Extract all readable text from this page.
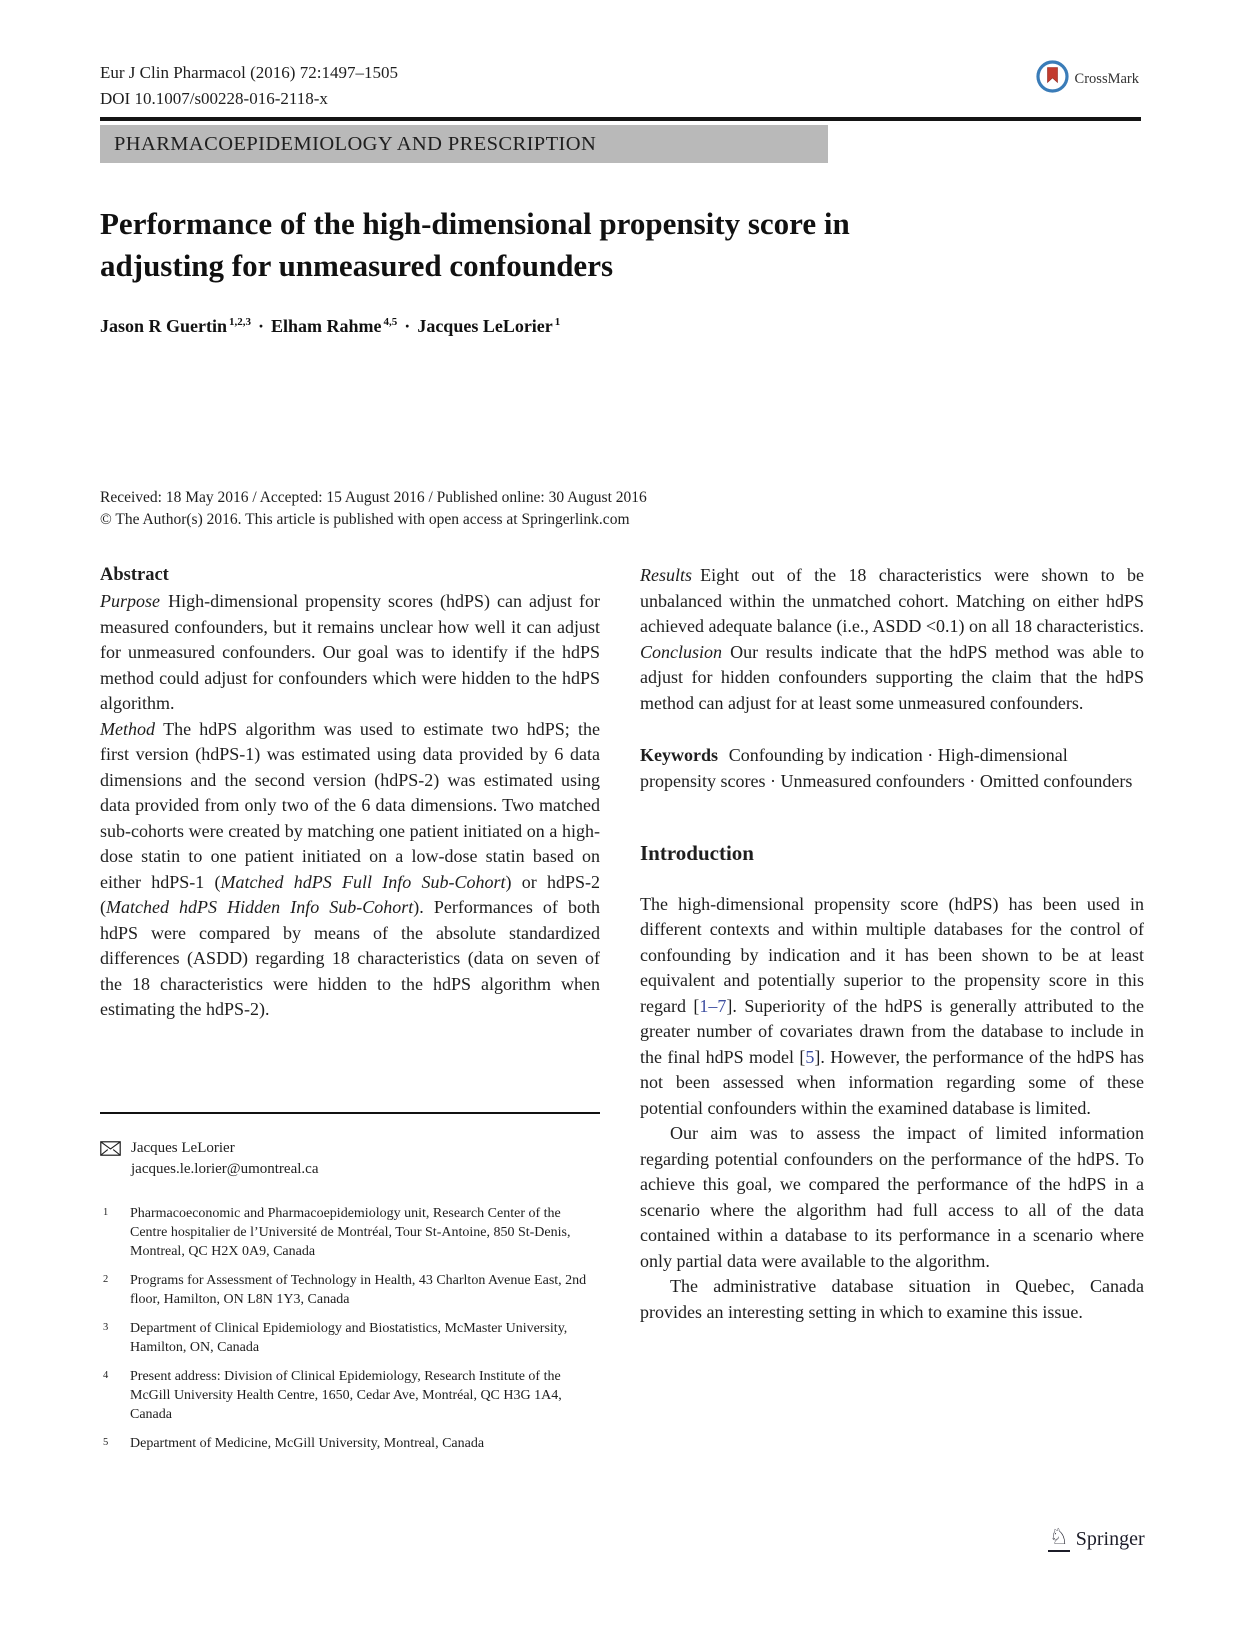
Eur J Clin Pharmacol (2016) 72:1497–1505
DOI 10.1007/s00228-016-2118-x
CrossMark
PHARMACOEPIDEMIOLOGY AND PRESCRIPTION
Performance of the high-dimensional propensity score in adjusting for unmeasured confounders
Jason R Guertin $^{1,2,3}$ · Elham Rahme $^{4,5}$ · Jacques LeLorier $^1$
Received: 18 May 2016 / Accepted: 15 August 2016 / Published online: 30 August 2016
© The Author(s) 2016. This article is published with open access at Springerlink.com
Abstract

Purpose High-dimensional propensity scores (hdPS) can adjust for measured confounders, but it remains unclear how well it can adjust for unmeasured confounders. Our goal was to identify if the hdPS method could adjust for confounders which were hidden to the hdPS algorithm.

Method The hdPS algorithm was used to estimate two hdPS; the first version (hdPS-1) was estimated using data provided by 6 data dimensions and the second version (hdPS-2) was estimated using data provided from only two of the 6 data dimensions. Two matched sub-cohorts were created by matching one patient initiated on a high-dose statin to one patient initiated on a low-dose statin based on either hdPS-1 (Matched hdPS Full Info Sub-Cohort) or hdPS-2 (Matched hdPS Hidden Info Sub-Cohort). Performances of both hdPS were compared by means of the absolute standardized differences (ASDD) regarding 18 characteristics (data on seven of the 18 characteristics were hidden to the hdPS algorithm when estimating the hdPS-2).

Results Eight out of the 18 characteristics were shown to be unbalanced within the unmatched cohort. Matching on either hdPS achieved adequate balance (i.e., ASDD <0.1) on all 18 characteristics.

Conclusion Our results indicate that the hdPS method was able to adjust for hidden confounders supporting the claim that the hdPS method can adjust for at least some unmeasured confounders.

Keywords Confounding by indication · High-dimensional propensity scores · Unmeasured confounders · Omitted confounders

Introduction

The high-dimensional propensity score (hdPS) has been used in different contexts and within multiple databases for the control of confounding by indication and it has been shown to be at least equivalent and potentially superior to the propensity score in this regard [1–7]. Superiority of the hdPS is generally attributed to the greater number of covariates drawn from the database to include in the final hdPS model [5]. However, the performance of the hdPS has not been assessed when information regarding some of these potential confounders within the examined database is limited.

Our aim was to assess the impact of limited information regarding potential confounders on the performance of the hdPS. To achieve this goal, we compared the performance of the hdPS in a scenario where the algorithm had full access to all of the data contained within a database to its performance in a scenario where only partial data were available to the algorithm.

The administrative database situation in Quebec, Canada provides an interesting setting in which to examine this issue.

Jacques LeLorier
jacques.le.lorier@umontreal.ca
1 Pharmacoeconomic and Pharmacoepidemiology unit, Research Center of the Centre hospitalier de l’Université de Montréal, Tour St-Antoine, 850 St-Denis, Montreal, QC H2X 0A9, Canada
2 Programs for Assessment of Technology in Health, 43 Charlton Avenue East, 2nd floor, Hamilton, ON L8N 1Y3, Canada
3 Department of Clinical Epidemiology and Biostatistics, McMaster University, Hamilton, ON, Canada
4 Present address: Division of Clinical Epidemiology, Research Institute of the McGill University Health Centre, 1650, Cedar Ave, Montréal, QC H3G 1A4, Canada
5 Department of Medicine, McGill University, Montreal, Canada
♘ Springer
